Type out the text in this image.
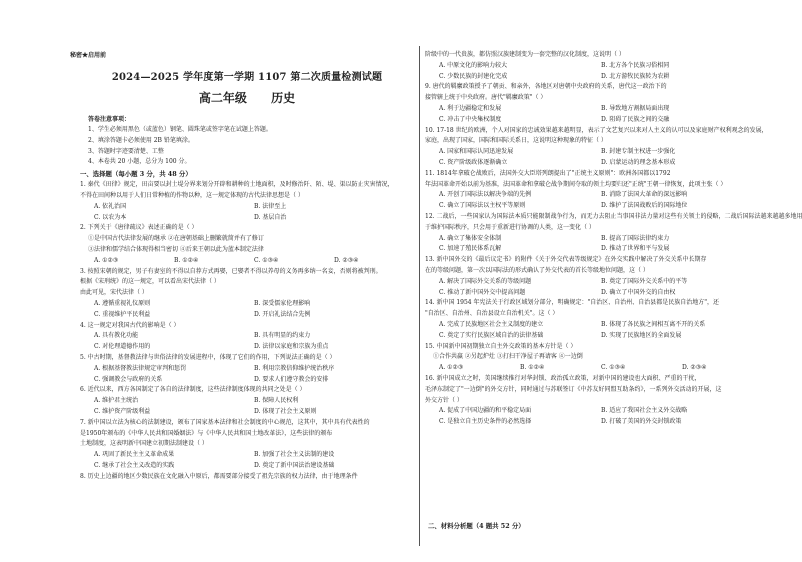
秘密★启用前
2024—2025 学年度第一学期 1107 第二次质量检测试题
高二年级 历史
答卷注意事项：
1、学生必须用黑色（或蓝色）钢笔、圆珠笔或签字笔在试题上答题。
2、填涂答题卡必须使用 2B 铅笔填涂。
3、答题时字迹要清楚、工整
4、本卷共 20 小题，总分为 100 分。
一、选择题（每小题 3 分，共 48 分）
1. 秦代《田律》规定，田亩要以封土堤分界来划分开辟和耕种的土地面积，及时修治阡、陌、堤、渠以防止灾害情况，
不得在田间种以用于人们日常种植的作物以种，这一规定体现的古代法律思想是（ ）
A. 依礼治国	B. 法律至上
C. 以农为本	D. 基层自治
2. 下列关于《唐律疏议》表述正确的是（ ）
①是中国古代法律发展的继承 ②在唐朝基础上删繁就简并有了修订
③法律和儒学结合体现得相当密切 ④后来王朝以此为蓝本制定法律
A. ①②③	B. ①②④	C. ①③④	D. ②③④
3. 按照宋朝的规定，男子有妻室的不得以自荐方式再娶，已娶者不得以养母的义务再多纳一名妾，否则将被判刑。
根据《宋刑统》的这一规定，可以看出宋代法律（ ）
由此可见，宋代法律（ ）
A. 遵循重视礼仪原则	B. 深受儒家伦理影响
C. 重视维护平民利益	D. 开启礼法结合先例
4. 这一规定对我国古代的影响是（ ）
A. 具有教化功能	B. 具有明显的约束力
C. 对伦理道德作用的	D. 法律以家庭和宗族为重点
5. 中古时期，基督教法律与世俗法律的发展进程中，体现了它们的作用，下列说法正确的是（ ）
A. 根据基督教法律规定审判和惩罚	B. 利用宗教信仰维护统治秩序
C. 强调教会与政府的关系	D. 要求人们遵守教会的安排
6. 近代以来，西方各国制定了各自的法律制度，这些法律制度体现的共同之处是（ ）
A. 维护君主统治	B. 保障人民权利
C. 维护资产阶级利益	D. 体现了社会主义原则
7. 新中国以立法为核心的法制建设，颁布了国家基本法律和社会制度的中心规范，这其中，其中具有代表性的
是1950年颁布的《中华人民共和国婚姻法》与《中华人民共和国土地改革法》，这些法律的颁布
土地制度，这表明新中国建立初期法制建设（ ）
A. 巩固了新民主主义革命成果	B. 加强了社会主义法制的建设
C. 继承了社会主义改造的实践	D. 奠定了新中国法治建设基础
8. 历史上边疆的地区少数民族在文化融入中原后，都需要部分接受了祖先宗族的权力法律，由于地理条件
阶级中的一代贵族，都仿照汉族建制变为一套完整的汉化制度，这说明（ ）
A. 中原文化的影响力较大	B. 北方各个民族习俗相同
C. 少数民族的封建化完成	D. 北方游牧民族转为农耕
9. 唐代的羁縻政策授予了朝贡、和亲外，各地区对唐朝中央政府的关系，唐代这一政治下的
接管辖上统于中央政府。唐代"羁縻政策"（ ）
A. 利于边疆稳定和发展	B. 导致地方割据局面出现
C. 冲击了中央集权制度	D. 阻碍了民族之间的交融
10. 17-18 世纪的欧洲，个人对国家的忠诚效果越来越明显，表示了文艺复兴以来对人主义的认可以及家庭财产权利观念的发展，
家庭，出现了国家，国际和国际关系日，这说明这种现象的特征（ ）
A. 国家和国际认同迅速发展	B. 封建专制主权进一步强化
C. 资产阶级政体逐渐确立	D. 启蒙运动的理念基本形成
11. 1814年拿破仑战败后，法国外交大臣塔列朗提出了"正统主义原则"：欧洲各国都以1792
年法国革命开始以前为基准，法国革命和拿破仑战争期间夺取的领土均要归还"正统"王朝一律恢复，此项主张（ ）
A. 开创了国际法以解决争端的先例	B. 消除了法国大革命的深远影响
C. 确立了国际法以主权平等原则	D. 维护了法国战败后的国际地位
12. 二战后，一些国家认为国际法本质只能限制战争行为，而无力去阻止当事国非法力量对这些有关领土的侵略，二战后国际法越来越越多地用
于维护国际秩序，只会用于重新进行协调的人类，这一变化（ ）
A. 确立了集体安全体制	B. 提高了国际法律约束力
C. 加速了殖民体系瓦解	D. 推动了世界和平与发展
13. 新中国外交的《最后议定书》的附件《关于外交代表等级规定》在外交实践中解决了外交关系中长期存
在的等级问题，第一次以国际法的形式确认了外交代表的首长等级地位问题，这（ ）
A. 解决了国际外交关系的等级问题	B. 奠定了国际外交关系中的平等
C. 推动了新中国外交中提高问题	D. 确立了中国外交的自由权
14. 新中国 1954 年宪法关于行政区域划分部分，明确规定："自治区、自治州、自治县都是民族自治地方"，还
"自治区、自治州、自治县设立自治机关"。这（ ）
A. 完成了民族地区社会主义制度的建立	B. 体现了各民族之间相互离不开的关系
C. 奠定了实行民族区域自治的法律基础	D. 实现了民族地区的全面发展
15. 中国新中国初期独立自主外交政策的基本方针是（ ）
①合作共赢 ②另起炉灶 ③打扫干净屋子再请客 ④一边倒
A. ①②③	B. ①②④	C. ①③④	D. ②③④
16. 新中国成立之时，美国继续推行对华封锁、政治孤立政策，对新中国的建设也大面积、严重的干扰，
毛泽东制定了"一边倒"的外交方针，同时通过与苏联签订《中苏友好同盟互助条约》，一系列外交活动的开展，这
外交方针（ ）
A. 促成了中国边疆的和平稳定局面	B. 适应了我国社会主义外交战略
C. 是独立自主历史条件的必然选择	D. 打破了美国的外交封锁政策
二、材料分析题（4 题共 52 分）
